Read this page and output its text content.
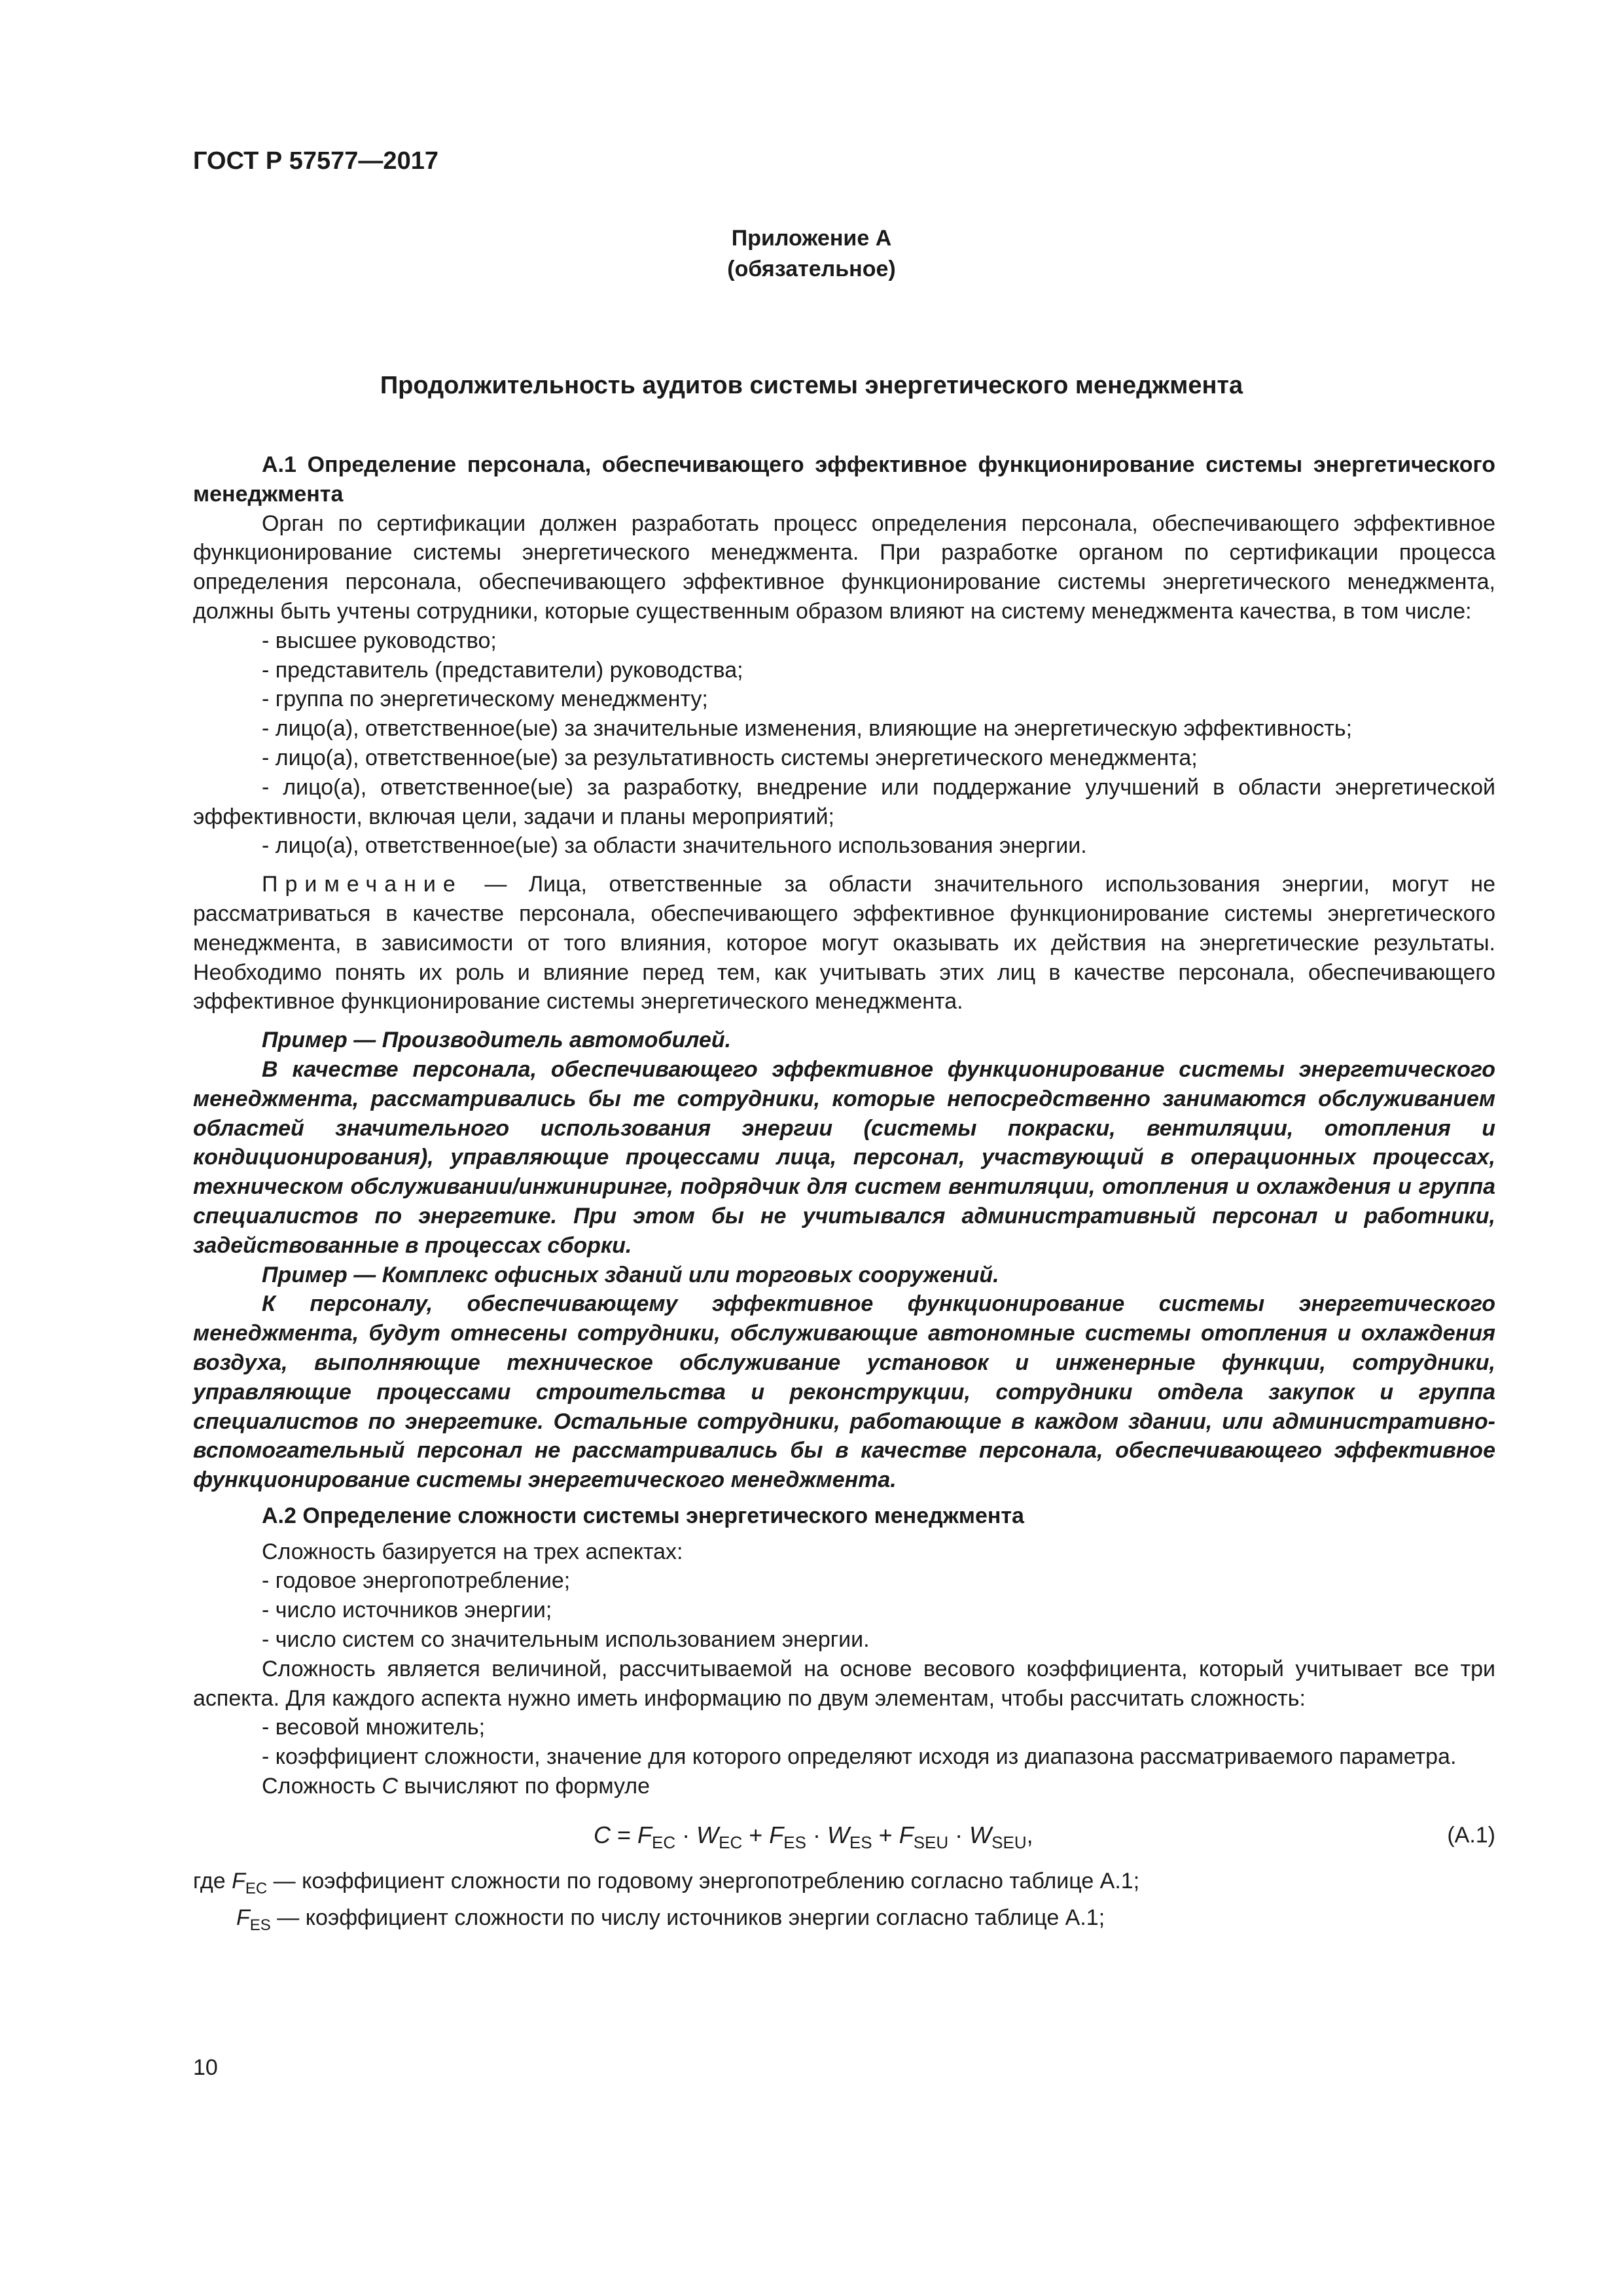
ГОСТ Р 57577—2017

Приложение А

(обязательное)

Продолжительность аудитов системы энергетического менеджмента

А.1 Определение персонала, обеспечивающего эффективное функционирование системы энергетического менеджмента

Орган по сертификации должен разработать процесс определения персонала, обеспечивающего эффективное функционирование системы энергетического менеджмента. При разработке органом по сертификации процесса определения персонала, обеспечивающего эффективное функционирование системы энергетического менеджмента, должны быть учтены сотрудники, которые существенным образом влияют на систему менеджмента качества, в том числе:

- высшее руководство;

- представитель (представители) руководства;

- группа по энергетическому менеджменту;

- лицо(а), ответственное(ые) за значительные изменения, влияющие на энергетическую эффективность;

- лицо(а), ответственное(ые) за результативность системы энергетического менеджмента;

- лицо(а), ответственное(ые) за разработку, внедрение или поддержание улучшений в области энергетической эффективности, включая цели, задачи и планы мероприятий;

- лицо(а), ответственное(ые) за области значительного использования энергии.

Примечание — Лица, ответственные за области значительного использования энергии, могут не рассматриваться в качестве персонала, обеспечивающего эффективное функционирование системы энергетического менеджмента, в зависимости от того влияния, которое могут оказывать их действия на энергетические результаты. Необходимо понять их роль и влияние перед тем, как учитывать этих лиц в качестве персонала, обеспечивающего эффективное функционирование системы энергетического менеджмента.

Пример — Производитель автомобилей.

В качестве персонала, обеспечивающего эффективное функционирование системы энергетического менеджмента, рассматривались бы те сотрудники, которые непосредственно занимаются обслуживанием областей значительного использования энергии (системы покраски, вентиляции, отопления и кондиционирования), управляющие процессами лица, персонал, участвующий в операционных процессах, техническом обслуживании/инжиниринге, подрядчик для систем вентиляции, отопления и охлаждения и группа специалистов по энергетике. При этом бы не учитывался административный персонал и работники, задействованные в процессах сборки.

Пример — Комплекс офисных зданий или торговых сооружений.

К персоналу, обеспечивающему эффективное функционирование системы энергетического менеджмента, будут отнесены сотрудники, обслуживающие автономные системы отопления и охлаждения воздуха, выполняющие техническое обслуживание установок и инженерные функции, сотрудники, управляющие процессами строительства и реконструкции, сотрудники отдела закупок и группа специалистов по энергетике. Остальные сотрудники, работающие в каждом здании, или административно-вспомогательный персонал не рассматривались бы в качестве персонала, обеспечивающего эффективное функционирование системы энергетического менеджмента.

А.2 Определение сложности системы энергетического менеджмента

Сложность базируется на трех аспектах:

- годовое энергопотребление;

- число источников энергии;

- число систем со значительным использованием энергии.

Сложность является величиной, рассчитываемой на основе весового коэффициента, который учитывает все три аспекта. Для каждого аспекта нужно иметь информацию по двум элементам, чтобы рассчитать сложность:

- весовой множитель;

- коэффициент сложности, значение для которого определяют исходя из диапазона рассматриваемого параметра.

Сложность C вычисляют по формуле

$C = F_{EC} \cdot W_{EC} + F_{ES} \cdot W_{ES} + F_{SEU} \cdot W_{SEU}$,	(А.1)

где $F_{EC}$ — коэффициент сложности по годовому энергопотреблению согласно таблице А.1;

$F_{ES}$ — коэффициент сложности по числу источников энергии согласно таблице А.1;

10
